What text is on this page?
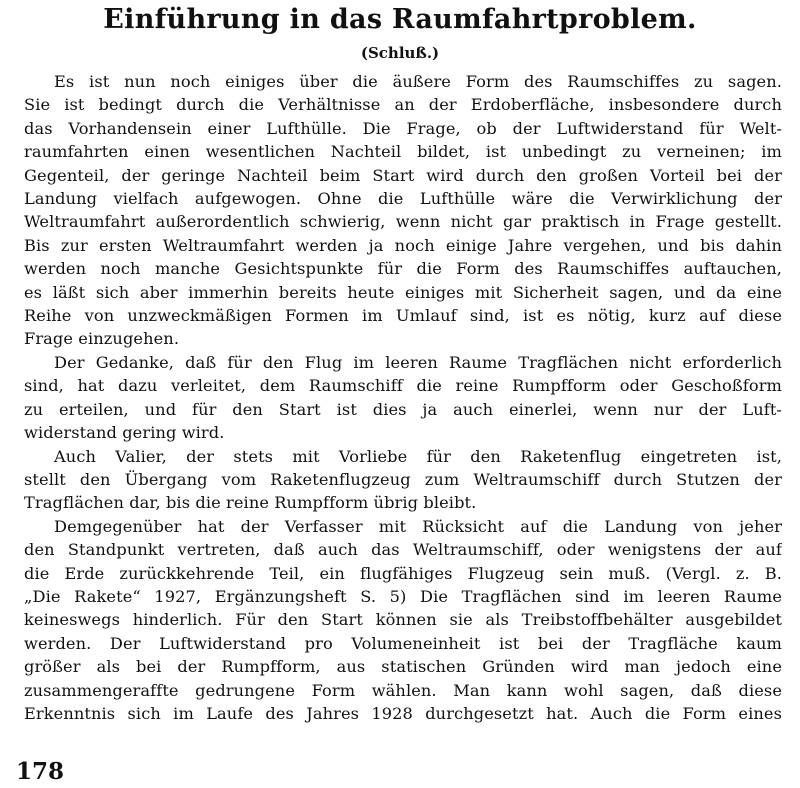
Einführung in das Raumfahrtproblem.
(Schluß.)

Es ist nun noch einiges über die äußere Form des Raumschiffes zu sagen.
Sie ist bedingt durch die Verhältnisse an der Erdoberfläche, insbesondere durch
das Vorhandensein einer Lufthülle. Die Frage, ob der Luftwiderstand für Welt-
raumfahrten einen wesentlichen Nachteil bildet, ist unbedingt zu verneinen; im
Gegenteil, der geringe Nachteil beim Start wird durch den großen Vorteil bei der
Landung vielfach aufgewogen. Ohne die Lufthülle wäre die Verwirklichung der
Weltraumfahrt außerordentlich schwierig, wenn nicht gar praktisch in Frage gestellt.
Bis zur ersten Weltraumfahrt werden ja noch einige Jahre vergehen, und bis dahin
werden noch manche Gesichtspunkte für die Form des Raumschiffes auftauchen,
es läßt sich aber immerhin bereits heute einiges mit Sicherheit sagen, und da eine
Reihe von unzweckmäßigen Formen im Umlauf sind, ist es nötig, kurz auf diese
Frage einzugehen.

Der Gedanke, daß für den Flug im leeren Raume Tragflächen nicht erforderlich
sind, hat dazu verleitet, dem Raumschiff die reine Rumpfform oder Geschoßform
zu erteilen, und für den Start ist dies ja auch einerlei, wenn nur der Luft-
widerstand gering wird.

Auch Valier, der stets mit Vorliebe für den Raketenflug eingetreten ist,
stellt den Übergang vom Raketenflugzeug zum Weltraumschiff durch Stutzen der
Tragflächen dar, bis die reine Rumpfform übrig bleibt.

Demgegenüber hat der Verfasser mit Rücksicht auf die Landung von jeher
den Standpunkt vertreten, daß auch das Weltraumschiff, oder wenigstens der auf
die Erde zurückkehrende Teil, ein flugfähiges Flugzeug sein muß. (Vergl. z. B.
„Die Rakete“ 1927, Ergänzungsheft S. 5) Die Tragflächen sind im leeren Raume
keineswegs hinderlich. Für den Start können sie als Treibstoffbehälter ausgebildet
werden. Der Luftwiderstand pro Volumeneinheit ist bei der Tragfläche kaum
größer als bei der Rumpfform, aus statischen Gründen wird man jedoch eine
zusammengeraffte gedrungene Form wählen. Man kann wohl sagen, daß diese
Erkenntnis sich im Laufe des Jahres 1928 durchgesetzt hat. Auch die Form eines

178
